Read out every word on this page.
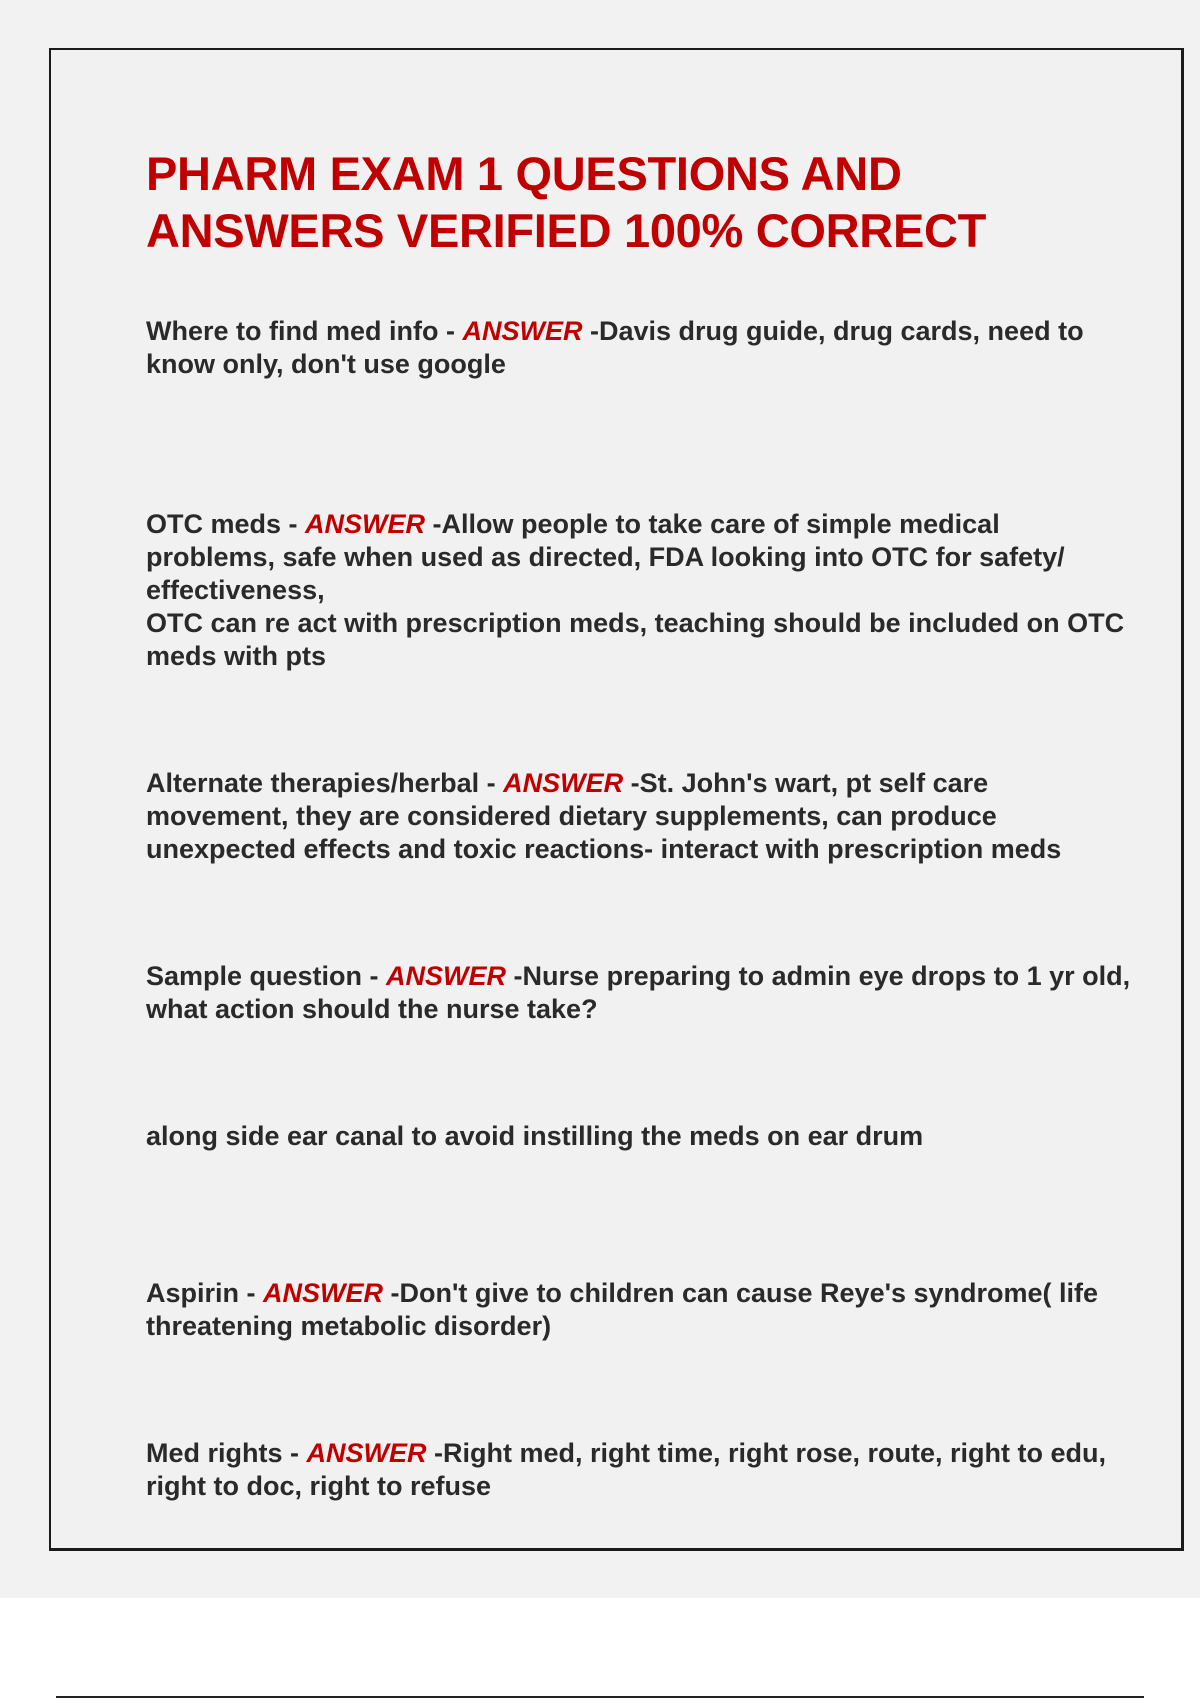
PHARM EXAM 1 QUESTIONS AND ANSWERS VERIFIED 100% CORRECT

Where to find med info - ANSWER -Davis drug guide, drug cards, need to know only, don't use google

OTC meds - ANSWER -Allow people to take care of simple medical problems, safe when used as directed, FDA looking into OTC for safety/ effectiveness,
OTC can re act with prescription meds, teaching should be included on OTC meds with pts

Alternate therapies/herbal - ANSWER -St. John's wart, pt self care movement, they are considered dietary supplements, can produce unexpected effects and toxic reactions- interact with prescription meds

Sample question - ANSWER -Nurse preparing to admin eye drops to 1 yr old, what action should the nurse take?

along side ear canal to avoid instilling the meds on ear drum

Aspirin - ANSWER -Don't give to children can cause Reye's syndrome( life threatening metabolic disorder)

Med rights - ANSWER -Right med, right time, right rose, route, right to edu, right to doc, right to refuse
